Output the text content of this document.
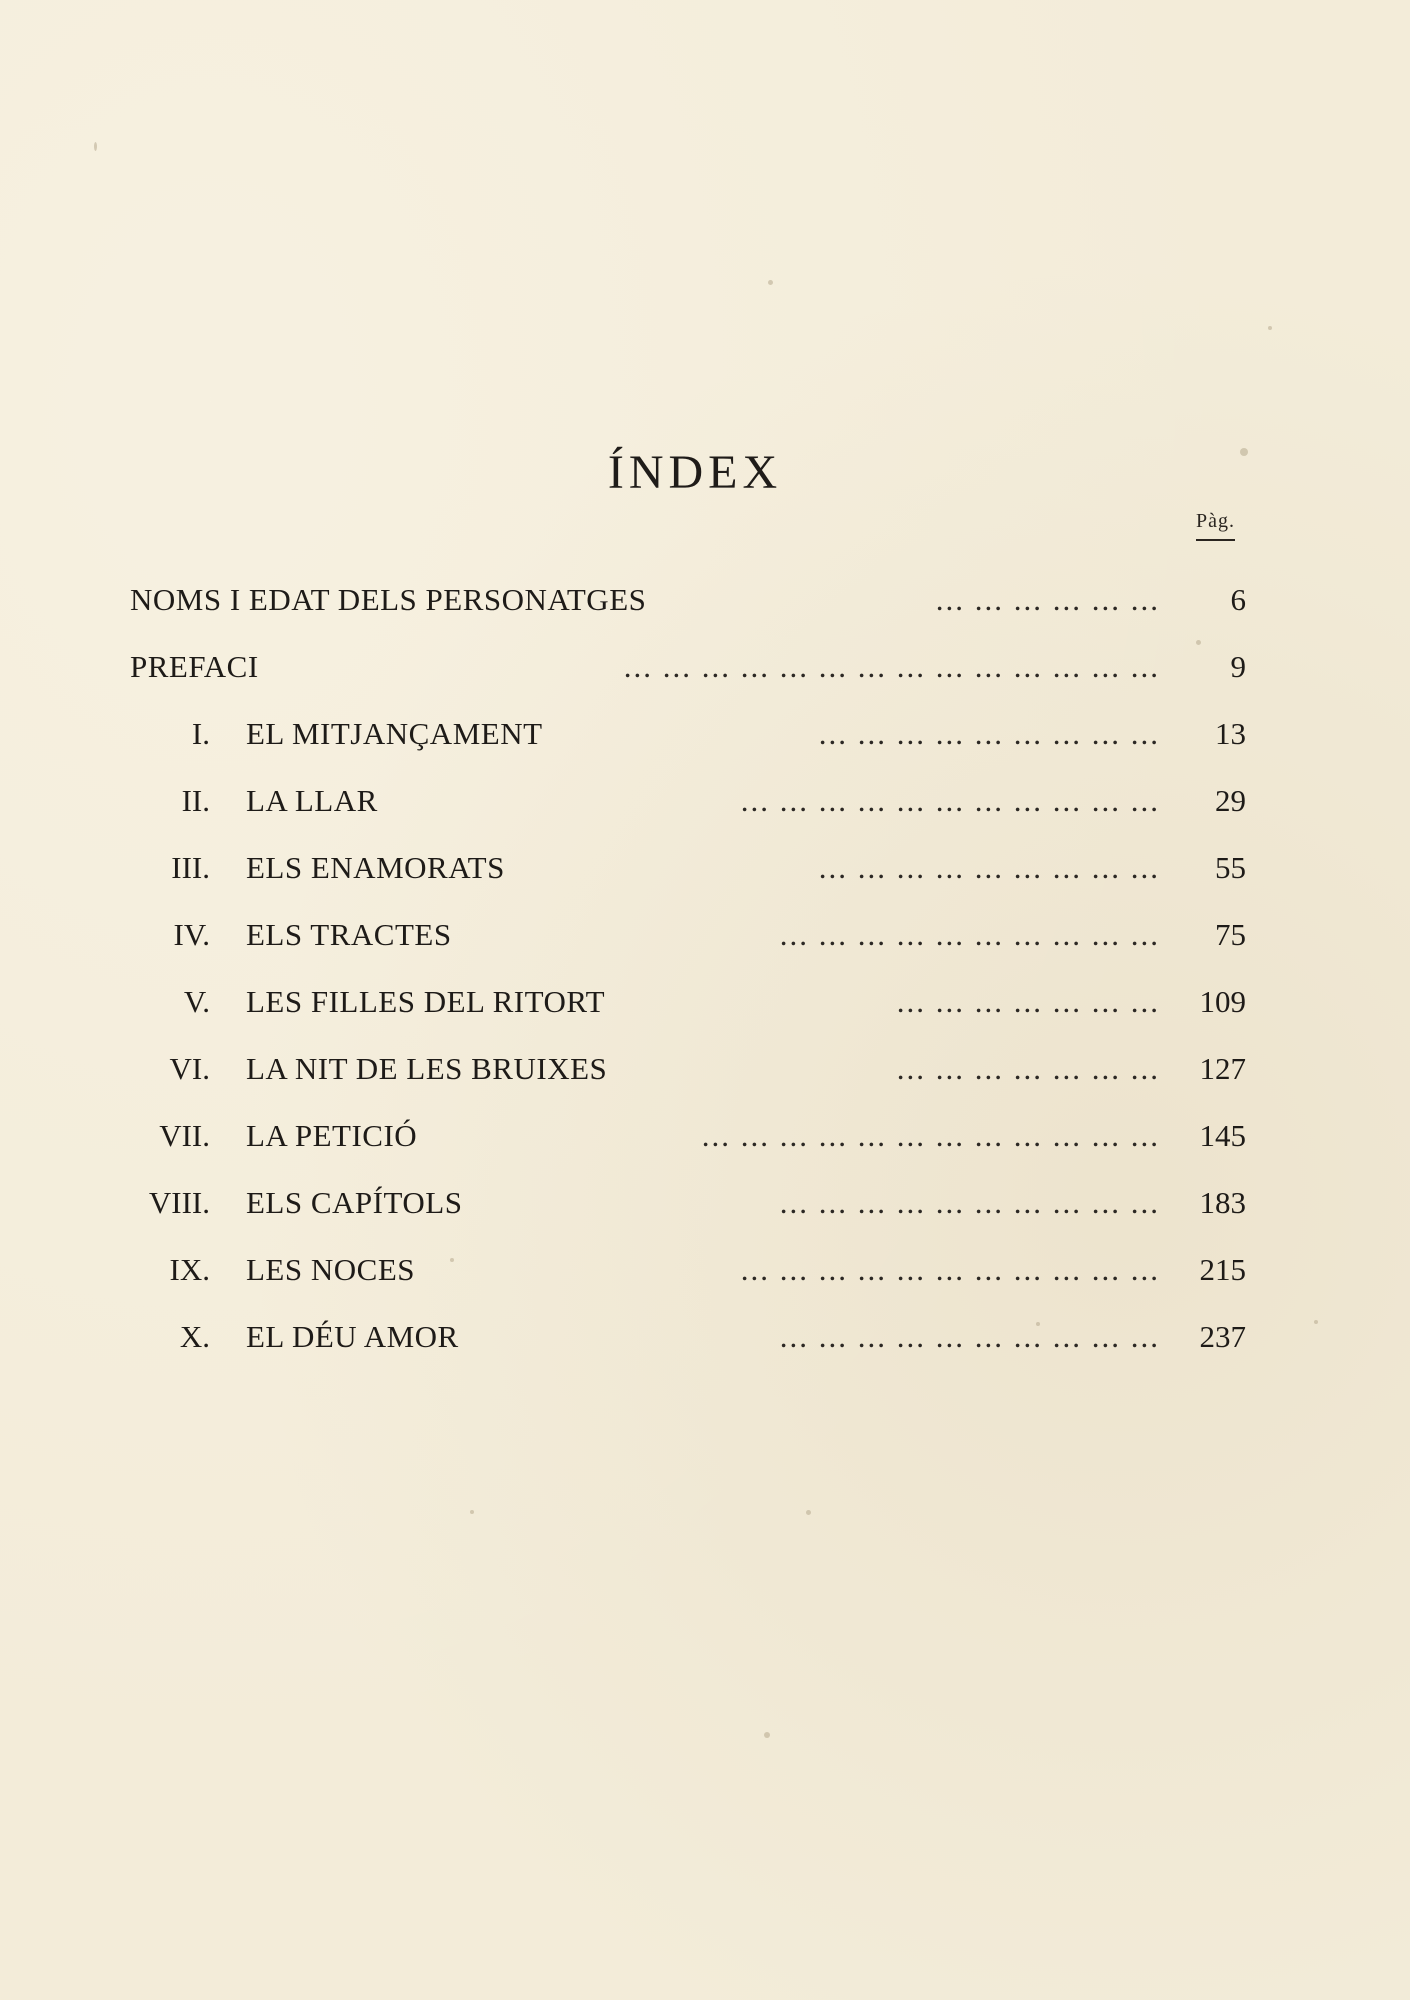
ÍNDEX
Pàg.
NOMS I EDAT DELS PERSONATGES	... ... ... ... ... ... 6
PREFACI	... ... ... ... ... ... ... ... ... ... ... ... ... ... 9
I. EL MITJANÇAMENT	... ... ... ... ... ... ... ... ... 13
II. LA LLAR	... ... ... ... ... ... ... ... ... ... ... 29
III. ELS ENAMORATS	... ... ... ... ... ... ... ... ... 55
IV. ELS TRACTES	... ... ... ... ... ... ... ... ... ... 75
V. LES FILLES DEL RITORT	... ... ... ... ... ... ... 109
VI. LA NIT DE LES BRUIXES	... ... ... ... ... ... ... 127
VII. LA PETICIÓ	... ... ... ... ... ... ... ... ... ... ... ... 145
VIII. ELS CAPÍTOLS	... ... ... ... ... ... ... ... ... ... 183
IX. LES NOCES	... ... ... ... ... ... ... ... ... ... ... 215
X. EL DÉU AMOR	... ... ... ... ... ... ... ... ... ... 237
